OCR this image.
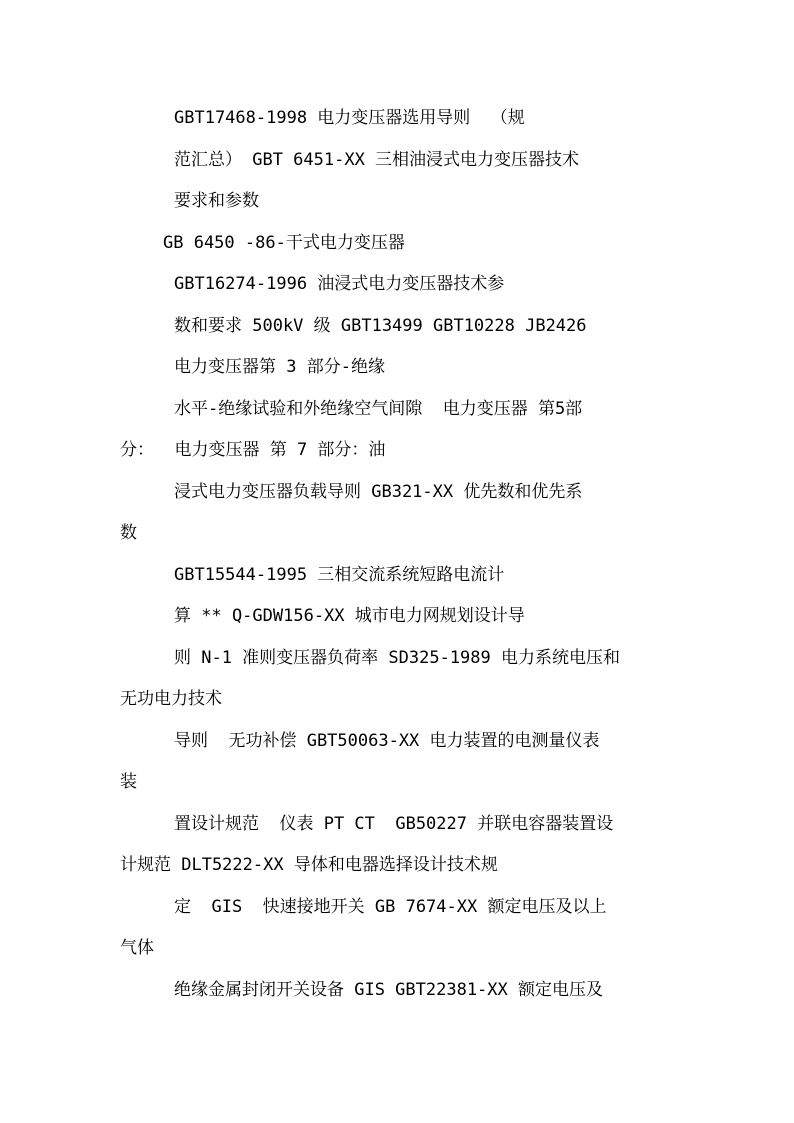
GBT17468-1998 电力变压器选用导则  （规
范汇总） GBT 6451-XX 三相油浸式电力变压器技术
要求和参数
GB 6450 -86-干式电力变压器
GBT16274-1996 油浸式电力变压器技术参
数和要求 500kV 级 GBT13499 GBT10228 JB2426
电力变压器第 3 部分-绝缘
水平-绝缘试验和外绝缘空气间隙  电力变压器 第5部
分：  电力变压器 第 7 部分：油
浸式电力变压器负载导则 GB321-XX 优先数和优先系
数
GBT15544-1995 三相交流系统短路电流计
算 ** Q-GDW156-XX 城市电力网规划设计导
则 N-1 准则变压器负荷率 SD325-1989 电力系统电压和
无功电力技术
导则  无功补偿 GBT50063-XX 电力装置的电测量仪表
装
置设计规范  仪表 PT CT  GB50227 并联电容器装置设
计规范 DLT5222-XX 导体和电器选择设计技术规
定  GIS  快速接地开关 GB 7674-XX 额定电压及以上
气体
绝缘金属封闭开关设备 GIS GBT22381-XX 额定电压及
